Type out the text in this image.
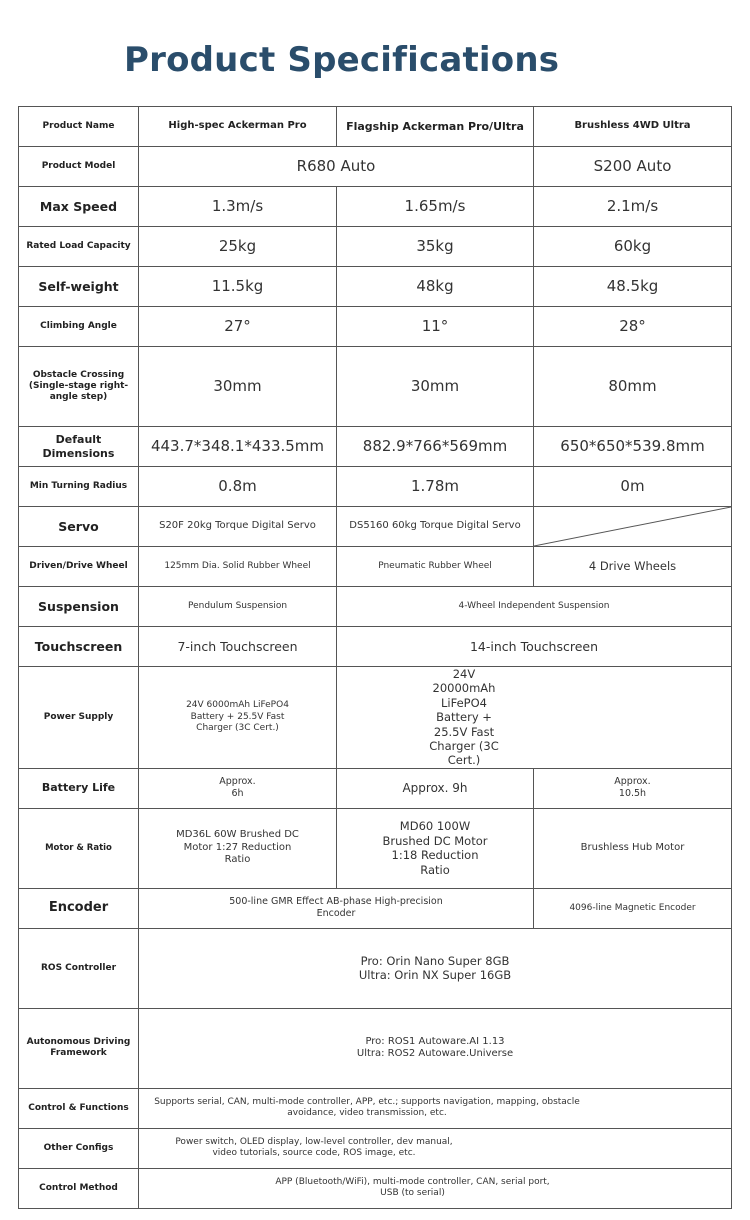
Product Specifications
Product Name	High-spec Ackerman Pro	Flagship Ackerman Pro/Ultra	Brushless 4WD Ultra
Product Model	R680 Auto		S200 Auto
Max Speed	1.3m/s	1.65m/s	2.1m/s
Rated Load Capacity	25kg	35kg	60kg
Self-weight	11.5kg	48kg	48.5kg
Climbing Angle	27°	11°	28°
Obstacle Crossing (Single-stage right-angle step)	30mm	30mm	80mm
Default Dimensions	443.7*348.1*433.5mm	882.9*766*569mm	650*650*539.8mm
Min Turning Radius	0.8m	1.78m	0m
Servo	S20F 20kg Torque Digital Servo	DS5160 60kg Torque Digital Servo	

Driven/Drive Wheel	125mm Dia. Solid Rubber Wheel	Pneumatic Rubber Wheel	4 Drive Wheels
Suspension	Pendulum Suspension	4-Wheel Independent Suspension	
Touchscreen	7-inch Touchscreen	14-inch Touchscreen	
Power Supply	24V 6000mAh LiFePO4 Battery + 25.5V Fast Charger (3C Cert.)	24V 20000mAh LiFePO4 Battery + 25.5V Fast Charger (3C Cert.)	
Battery Life	Approx. 6h	Approx. 9h	Approx. 10.5h
Motor & Ratio	MD36L 60W Brushed DC Motor 1:27 Reduction Ratio	MD60 100W Brushed DC Motor 1:18 Reduction Ratio	Brushless Hub Motor
Encoder	500-line GMR Effect AB-phase High-precision Encoder		4096-line Magnetic Encoder
ROS Controller	Pro: Orin Nano Super 8GB
Ultra: Orin NX Super 16GB		

Autonomous Driving Framework	Pro: ROS1 Autoware.AI 1.13
Ultra: ROS2 Autoware.Universe		

Control & Functions	Supports serial, CAN, multi-mode controller, APP, etc.; supports navigation, mapping, obstacle avoidance, video transmission, etc.		
Other Configs	Power switch, OLED display, low-level controller, dev manual, video tutorials, source code, ROS image, etc.		
Control Method	APP (Bluetooth/WiFi), multi-mode controller, CAN, serial port, USB (to serial)		
